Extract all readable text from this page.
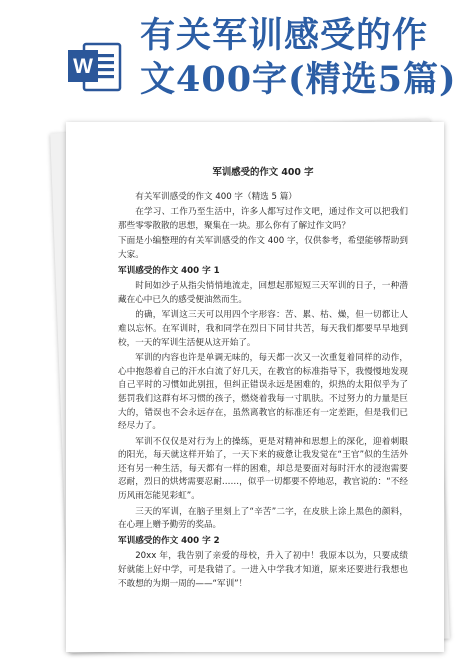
W
有关军训感受的作
文400字(精选5篇)
军训感受的作文 400 字

有关军训感受的作文 400 字（精选 5 篇）

在学习、工作乃至生活中，许多人都写过作文吧，通过作文可以把我们那些零零散散的思想，聚集在一块。那么你有了解过作文吗？

下面是小编整理的有关军训感受的作文 400 字，仅供参考，希望能够帮助到大家。

军训感受的作文 400 字 1

时间如沙子从指尖悄悄地流走，回想起那短短三天军训的日子，一种潜藏在心中已久的感受便油然而生。

的确，军训这三天可以用四个字形容：苦、累、枯、燥，但一切都让人难以忘怀。在军训时，我和同学在烈日下同甘共苦，每天我们都要早早地到校，一天的军训生活便从这开始了。

军训的内容也许是单调无味的，每天都一次又一次重复着同样的动作，心中抱怨着自己的汗水白流了好几天，在教官的标准指导下，我慢慢地发现自己平时的习惯如此别扭，但纠正错误永远是困难的，炽热的太阳似乎为了惩罚我们这群有坏习惯的孩子，燃烧着我每一寸肌肤。不过努力的力量是巨大的，错误也不会永远存在，虽然离教官的标准还有一定差距，但是我们已经尽力了。

军训不仅仅是对行为上的操练，更是对精神和思想上的深化，迎着刺眼的阳光，每天就这样开始了，一天下来的疲惫让我发觉在“王官”似的生活外还有另一种生活，每天都有一样的困难，却总是要面对每时汗水的浸泡需要忍耐，烈日的烘烤需要忍耐……，似乎一切都要不停地忍，教官说的：“不经历风雨怎能见彩虹”。

三天的军训，在脑子里刻上了“辛苦”二字，在皮肤上涂上黑色的颜料，在心理上赠予勤劳的奖品。

军训感受的作文 400 字 2

20xx 年，我告别了亲爱的母校，升入了初中！我原本以为，只要成绩好就能上好中学，可是我错了。一进入中学我才知道，原来还要进行我想也不敢想的为期一周的——“军训”！
